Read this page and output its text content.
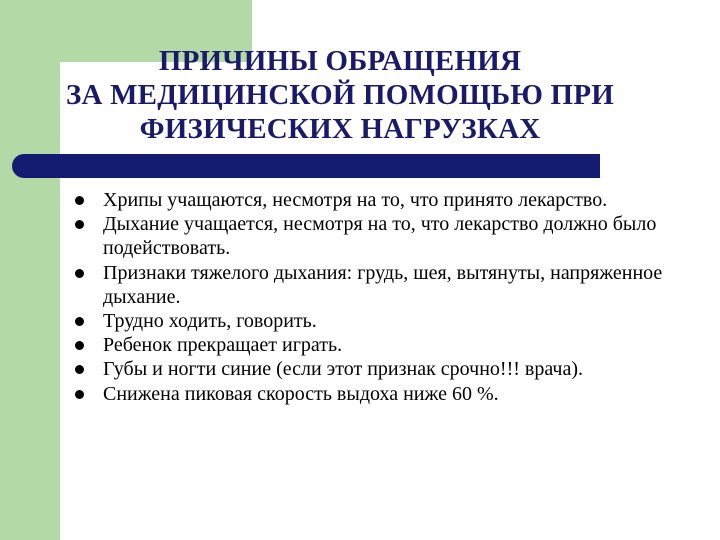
ПРИЧИНЫ ОБРАЩЕНИЯ
ЗА МЕДИЦИНСКОЙ ПОМОЩЬЮ ПРИ
ФИЗИЧЕСКИХ НАГРУЗКАХ
Хрипы учащаются, несмотря на то, что принято лекарство.
Дыхание учащается, несмотря на то, что лекарство должно было подействовать.
Признаки тяжелого дыхания: грудь, шея, вытянуты, напряженное дыхание.
Трудно ходить, говорить.
Ребенок прекращает играть.
Губы и ногти синие (если этот признак срочно!!! врача).
Снижена пиковая скорость выдоха ниже 60 %.
